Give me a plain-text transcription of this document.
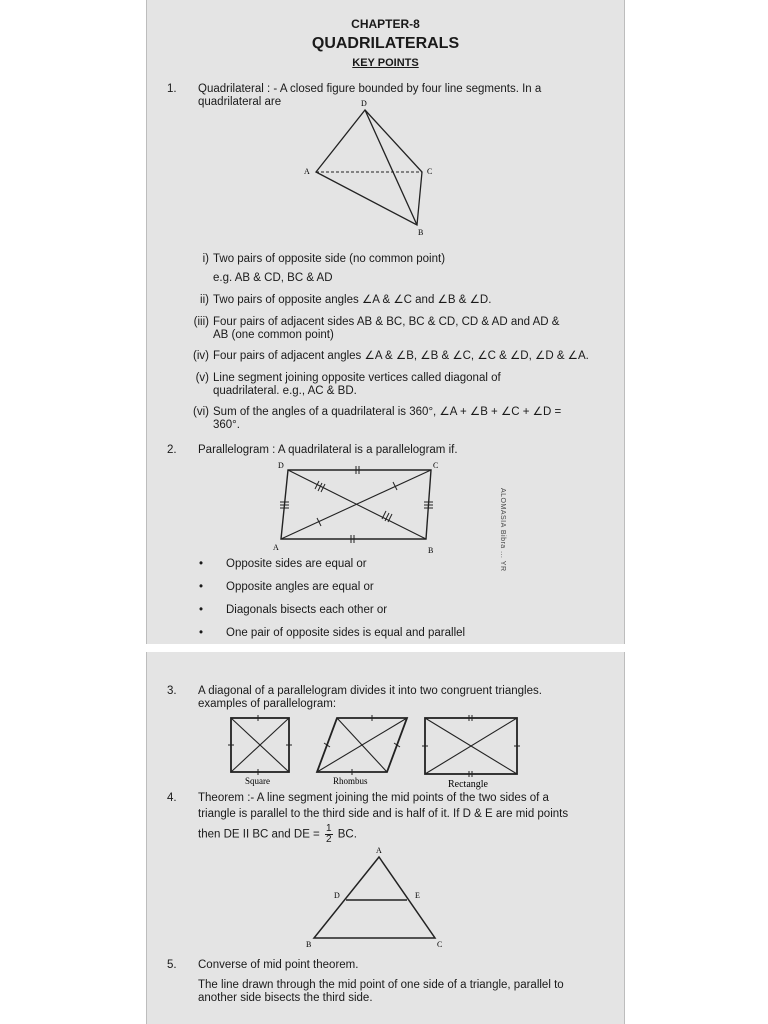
CHAPTER-8
QUADRILATERALS
KEY POINTS
1. Quadrilateral : - A closed figure bounded by four line segments. In a
quadrilateral are	D
C
A
B
i) Two pairs of opposite side (no common point)
e.g. AB & CD, BC & AD
ii) Two pairs of opposite angles ∠A & ∠C and ∠B & ∠D.
(iii) Four pairs of adjacent sides AB & BC, BC & CD, CD & AD and AD &
AB (one common point)
(iv) Four pairs of adjacent angles ∠A & ∠B, ∠B & ∠C, ∠C & ∠D, ∠D & ∠A.
(v) Line segment joining opposite vertices called diagonal of
quadrilateral. e.g., AC & BD.
(vi) Sum of the angles of a quadrilateral is 360°, ∠A + ∠B + ∠C + ∠D =
360°.
2. Parallelogram : A quadrilateral is a parallelogram if.
D	C
A	B
• Opposite sides are equal or
• Opposite angles are equal or
• Diagonals bisects each other or
• One pair of opposite sides is equal and parallel
ALOMASIA Bibra ... YR
3. A diagonal of a parallelogram divides it into two congruent triangles.
examples of parallelogram:
Square	Rhombus	Rectangle
4. Theorem :- A line segment joining the mid points of the two sides of a
triangle is parallel to the third side and is half of it. If D & E are mid points
then DE II BC and DE = $\frac{1}{2}$ BC.
A
D	E
B	C
5. Converse of mid point theorem.
The line drawn through the mid point of one side of a triangle, parallel to
another side bisects the third side.
